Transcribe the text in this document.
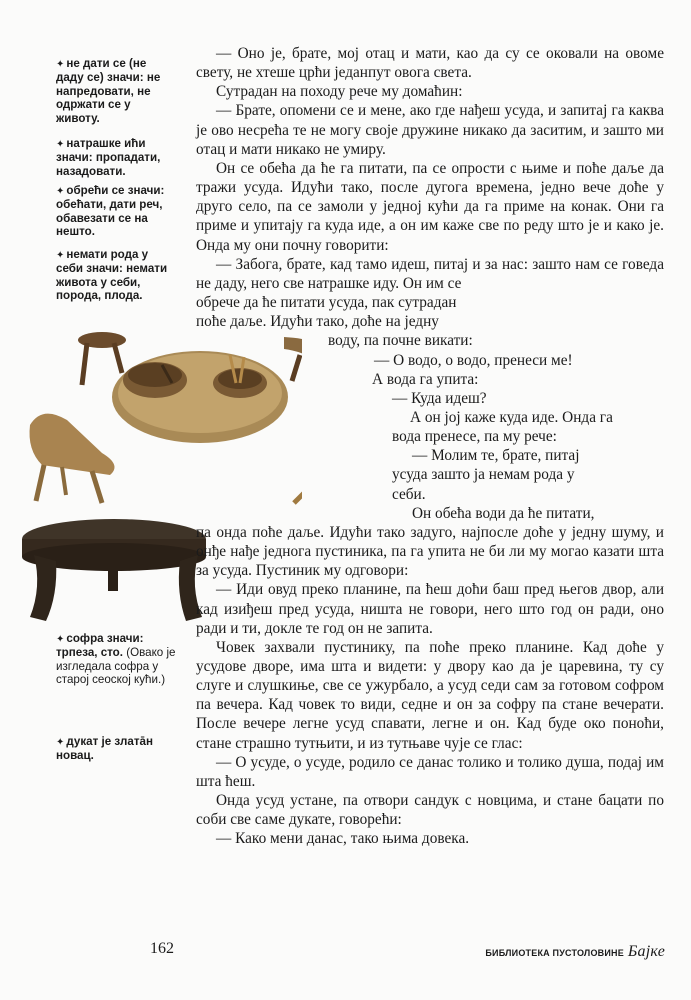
✦ не дати се (не даду се) значи: не напредовати, не одржати се у животу.
✦ натрашке ићи значи: пропадати, назадовати.
✦ обрећи се значи: обећати, дати реч, обавезати се на нешто.
✦ немати рода у себи значи: немати живота у себи, порода, плода.
✦ софра значи: трпеза, сто. (Овако је изгледала софра у старој сеоској кући.)
✦ дукат је злата̄н новац.

— Оно је, брате, мој отац и мати, као да су се оковали на овоме свету, не хтеше црћи једанпут овога света.

Сутрадан на походу рече му домаћин:

— Брате, опомени се и мене, ако где нађеш усуда, и запитај га каква је ово несрећа те не могу своје дружине никако да заситим, и зашто ми отац и мати никако не умиру.

Он се обећа да ће га питати, па се опрости с њиме и поће даље да тражи усуда. Идући тако, после дугога времена, једно вече доће у друго село, па се замоли у једној кући да га приме на конак. Они га приме и упитају га куда иде, а он им каже све по реду што је и како је. Онда му они почну говорити:

— Забога, брате, кад тамо идеш, питај и за нас: зашто нам се говеда не даду, него све натрашке иду. Он им се

обрече да ће питати усуда, пак сутрадан

поће даље. Идући тако, доће на једну

воду, па почне викати:

— О водо, о водо, пренеси ме!

А вода га упита:

— Куда идеш?

А он јој каже куда иде. Онда га

вода пренесе, па му рече:

— Молим те, брате, питај

усуда зашто ја немам рода у

себи.

Он обећа води да ће питати,

па онда поће даље. Идући тако задуго, најпосле доће у једну шуму, и онђе нађе једнога пустиника, па га упита не би ли му могао казати шта за усуда. Пустиник му одговори:

— Иди овуд преко планине, па ћеш доћи баш пред његов двор, али кад изиђеш пред усуда, ништа не говори, него што год он ради, оно ради и ти, докле те год он не запита.

Човек захвали пустинику, па поће преко планине. Кад доће у усудове дворе, има шта и видети: у двору као да је царевина, ту су слуге и слушкиње, све се ужурбало, а усуд седи сам за готовом софром па вечера. Кад човек то види, седне и он за софру па стане вечерати. После вечере легне усуд спавати, легне и он. Кад буде око поноћи, стане страшно тутњити, и из тутњаве чује се глас:

— О усуде, о усуде, родило се данас толико и толико душа, подај им шта ћеш.

Онда усуд устане, па отвори сандук с новцима, и стане бацати по соби све саме дукате, говорећи:

— Како мени данас, тако њима довека.

162	БИБЛИОТЕКА ПУСТОЛОВИНЕ Бајке
